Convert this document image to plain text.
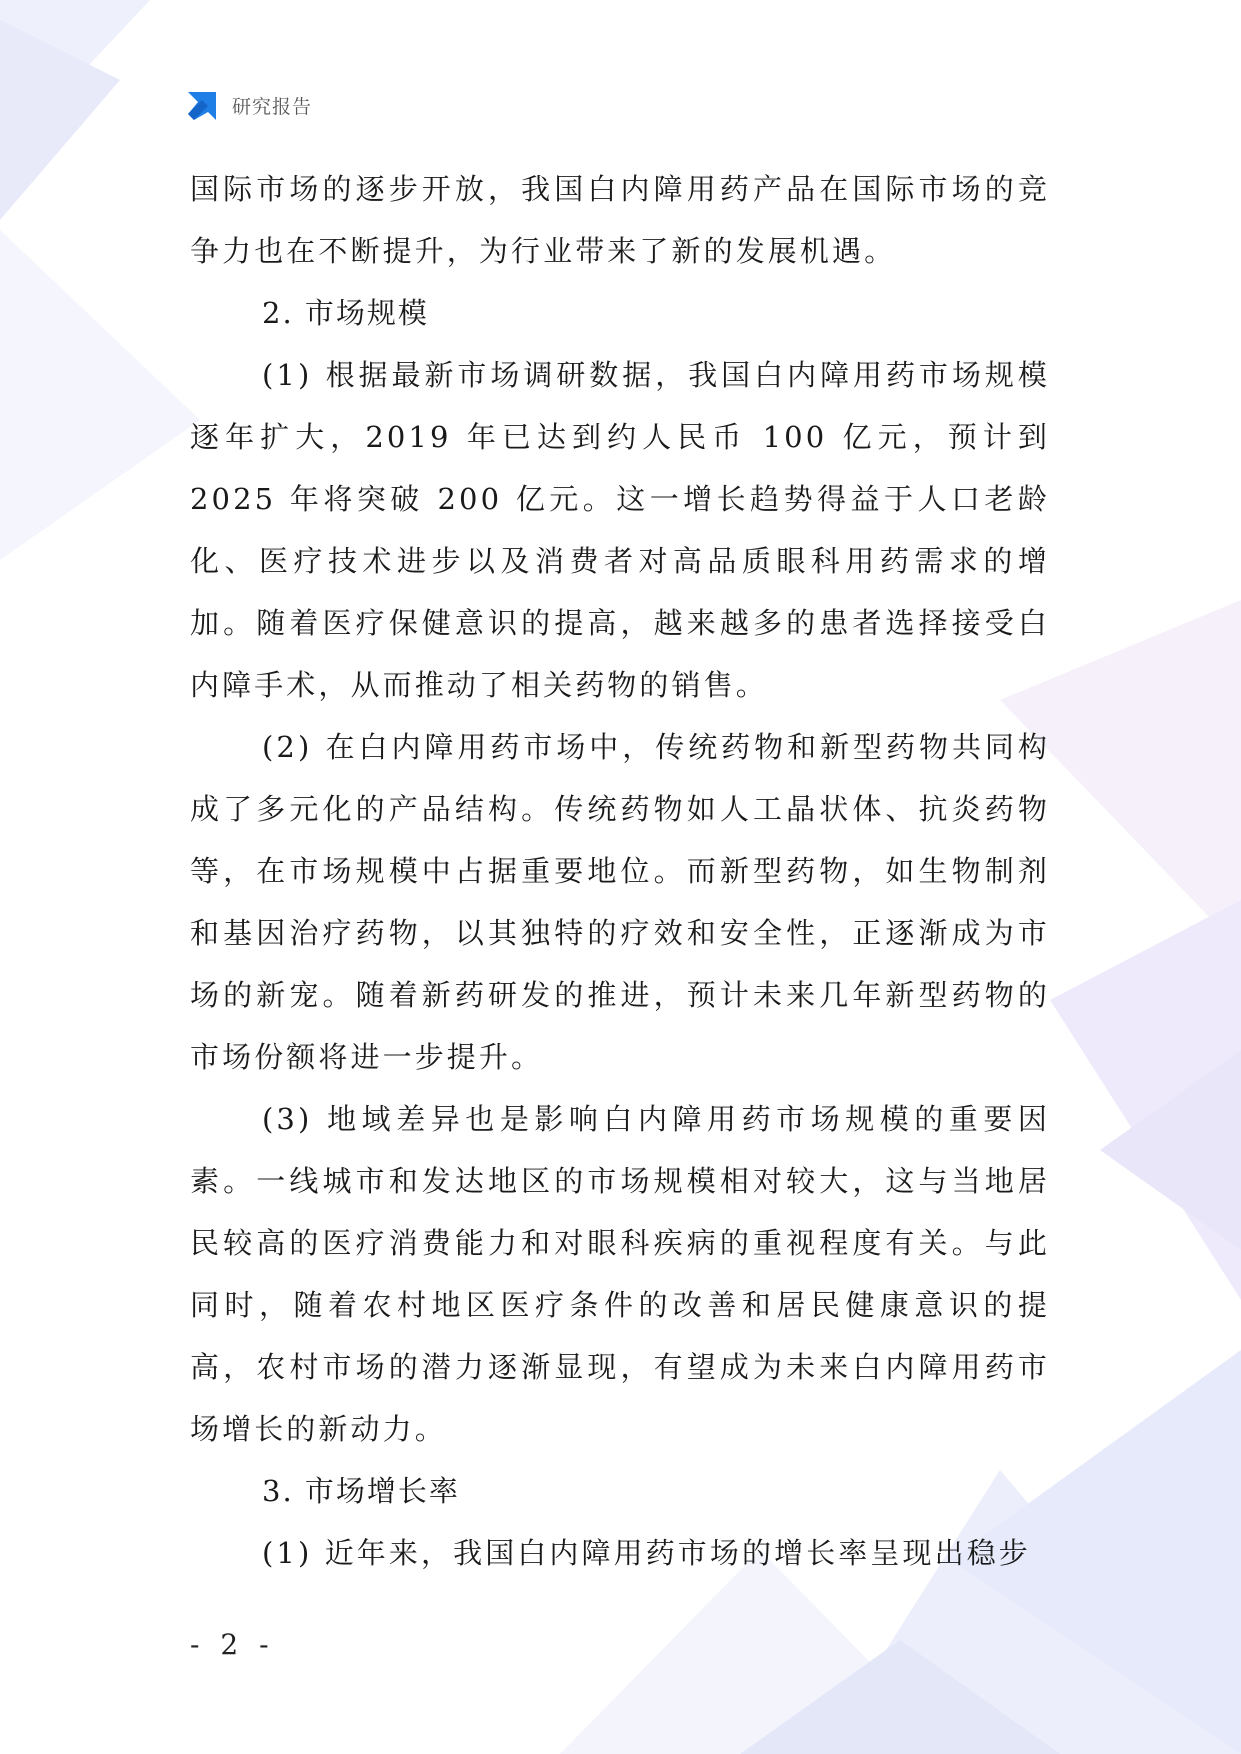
研究报告

国际市场的逐步开放，我国白内障用药产品在国际市场的竞争力也在不断提升，为行业带来了新的发展机遇。

2. 市场规模

(1) 根据最新市场调研数据，我国白内障用药市场规模逐年扩大，2019 年已达到约人民币 100 亿元，预计到 2025 年将突破 200 亿元。这一增长趋势得益于人口老龄化、医疗技术进步以及消费者对高品质眼科用药需求的增加。随着医疗保健意识的提高，越来越多的患者选择接受白内障手术，从而推动了相关药物的销售。

(2) 在白内障用药市场中，传统药物和新型药物共同构成了多元化的产品结构。传统药物如人工晶状体、抗炎药物等，在市场规模中占据重要地位。而新型药物，如生物制剂和基因治疗药物，以其独特的疗效和安全性，正逐渐成为市场的新宠。随着新药研发的推进，预计未来几年新型药物的市场份额将进一步提升。

(3) 地域差异也是影响白内障用药市场规模的重要因素。一线城市和发达地区的市场规模相对较大，这与当地居民较高的医疗消费能力和对眼科疾病的重视程度有关。与此同时，随着农村地区医疗条件的改善和居民健康意识的提高，农村市场的潜力逐渐显现，有望成为未来白内障用药市场增长的新动力。

3. 市场增长率

(1) 近年来，我国白内障用药市场的增长率呈现出稳步

- 2 -
